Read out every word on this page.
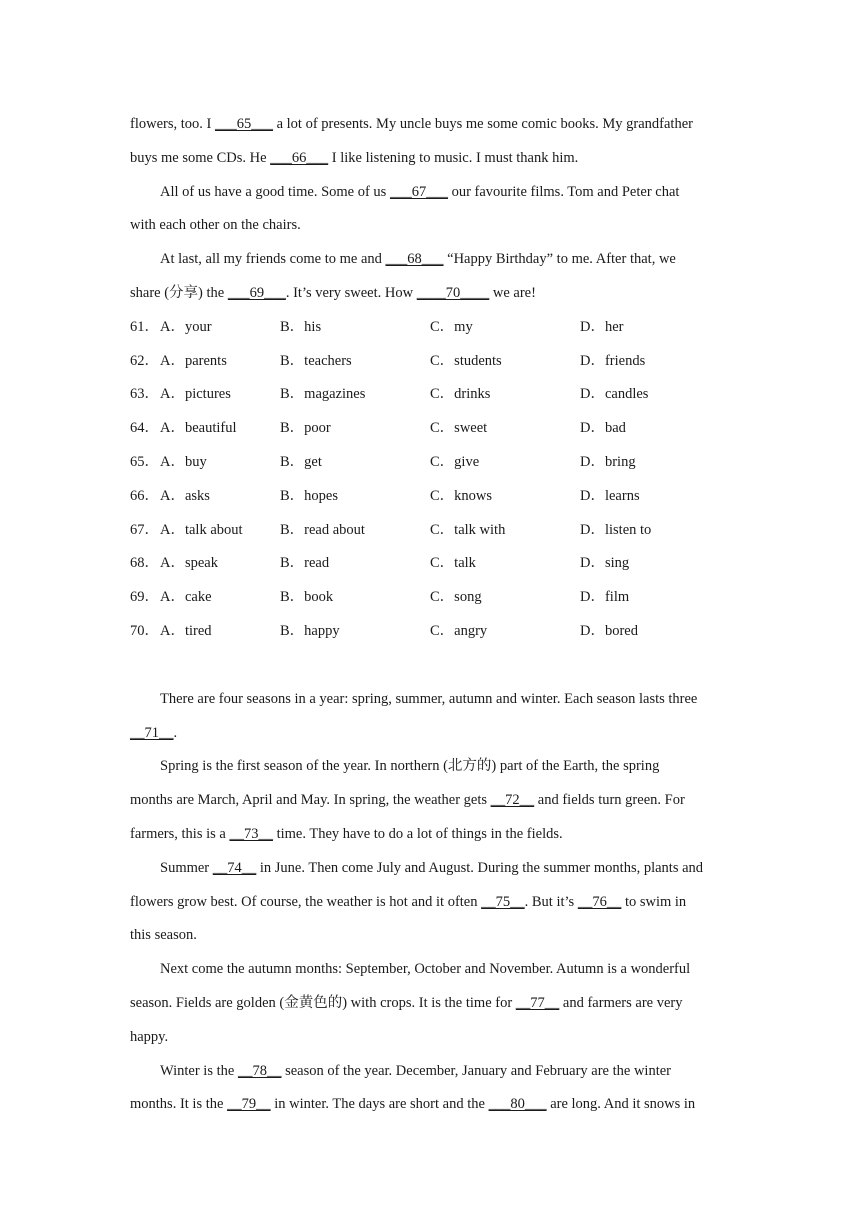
flowers, too. I ___65___ a lot of presents. My uncle buys me some comic books. My grandfather
buys me some CDs. He ___66___ I like listening to music. I must thank him.
All of us have a good time. Some of us ___67___ our favourite films. Tom and Peter chat
with each other on the chairs.
At last, all my friends come to me and ___68___ “Happy Birthday” to me. After that, we
share (分享) the ___69___. It’s very sweet. How ____70____ we are!
61． A．your	B．his	C．my	D．her
62． A．parents	B．teachers	C．students	D．friends
63． A．pictures	B．magazines	C．drinks	D．candles
64． A．beautiful	B．poor	C．sweet	D．bad
65． A．buy	B．get	C．give	D．bring
66． A．asks	B．hopes	C．knows	D．learns
67． A．talk about	B．read about	C．talk with	D．listen to
68． A．speak	B．read	C．talk	D．sing
69． A．cake	B．book	C．song	D．film
70． A．tired	B．happy	C．angry	D．bored
There are four seasons in a year: spring, summer, autumn and winter. Each season lasts three
__71__.
Spring is the first season of the year. In northern (北方的) part of the Earth, the spring
months are March, April and May. In spring, the weather gets __72__ and fields turn green. For
farmers, this is a __73__ time. They have to do a lot of things in the fields.
Summer __74__ in June. Then come July and August. During the summer months, plants and
flowers grow best. Of course, the weather is hot and it often __75__. But it’s __76__ to swim in
this season.
Next come the autumn months: September, October and November. Autumn is a wonderful
season. Fields are golden (金黄色的) with crops. It is the time for __77__ and farmers are very
happy.
Winter is the __78__ season of the year. December, January and February are the winter
months. It is the __79__ in winter. The days are short and the ___80___ are long. And it snows in
